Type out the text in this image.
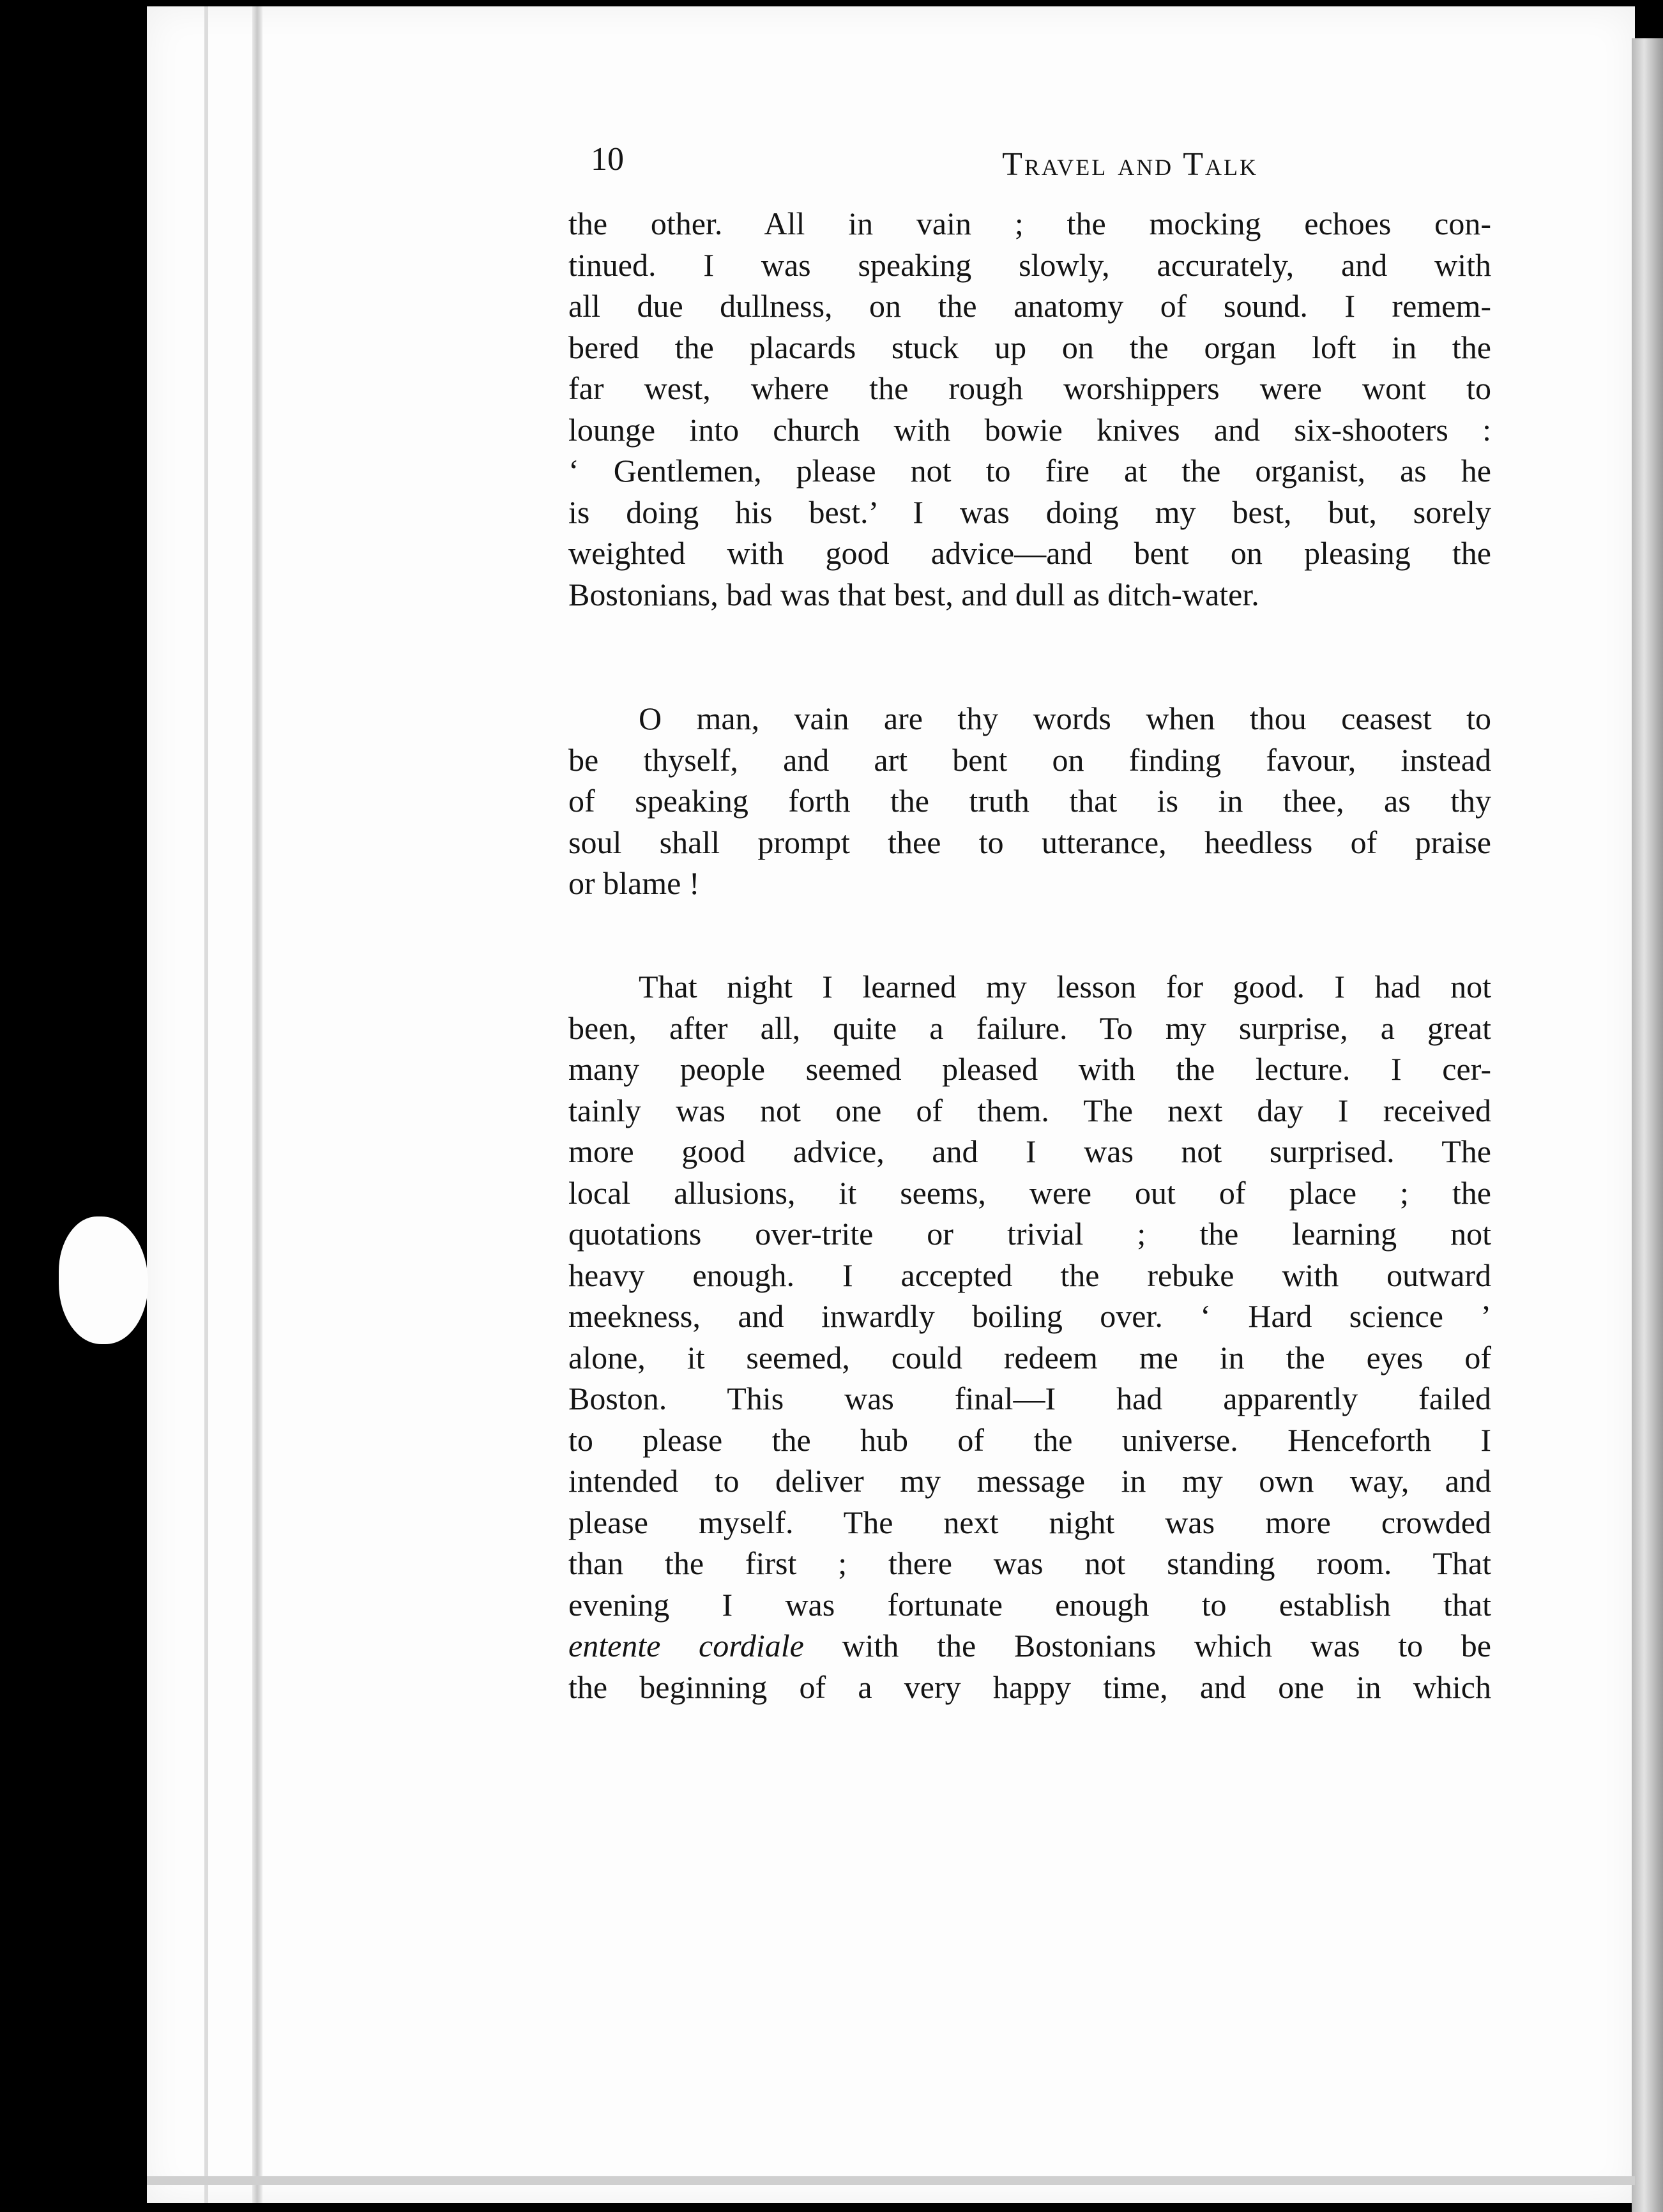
10	Travel and Talk
the other. All in vain ; the mocking echoes con-
tinued. I was speaking slowly, accurately, and with
all due dullness, on the anatomy of sound. I remem-
bered the placards stuck up on the organ loft in the
far west, where the rough worshippers were wont to
lounge into church with bowie knives and six-shooters :
‘ Gentlemen, please not to fire at the organist, as he
is doing his best.’ I was doing my best, but, sorely
weighted with good advice—and bent on pleasing the
Bostonians, bad was that best, and dull as ditch-water.
O man, vain are thy words when thou ceasest to
be thyself, and art bent on finding favour, instead
of speaking forth the truth that is in thee, as thy
soul shall prompt thee to utterance, heedless of praise
or blame !
That night I learned my lesson for good. I had not
been, after all, quite a failure. To my surprise, a great
many people seemed pleased with the lecture. I cer-
tainly was not one of them. The next day I received
more good advice, and I was not surprised. The
local allusions, it seems, were out of place ; the
quotations over-trite or trivial ; the learning not
heavy enough. I accepted the rebuke with outward
meekness, and inwardly boiling over. ‘ Hard science ’
alone, it seemed, could redeem me in the eyes of
Boston. This was final—I had apparently failed
to please the hub of the universe. Henceforth I
intended to deliver my message in my own way, and
please myself. The next night was more crowded
than the first ; there was not standing room. That
evening I was fortunate enough to establish that
entente cordiale with the Bostonians which was to be
the beginning of a very happy time, and one in which
